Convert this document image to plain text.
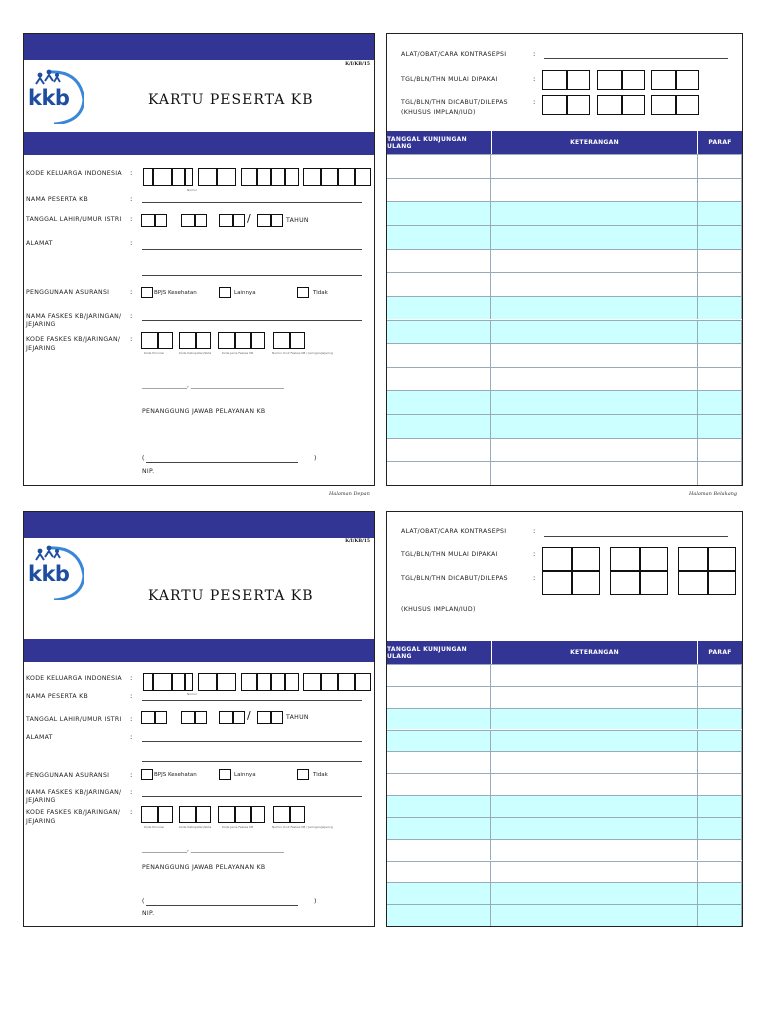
kkb
K/I/KB/15
KARTU PESERTA KB
KODE KELUARGA INDONESIA :
Nomor
NAMA PESERTA KB	:
TANGGAL LAHIR/UMUR ISTRI :	/	TAHUN
ALAMAT	:
PENGGUNAAN ASURANSI	:	BPJS Kesehatan	Lainnya	Tidak
NAMA FASKES KB/JARINGAN/
JEJARING
:
KODE FASKES KB/JARINGAN/
JEJARING
:
Kode Provinsi	Kode Kabupaten/Kota	Kode Jenis Faskes KB	Nomor Urut Faskes KB / Jaringan/Jejaring
_______________, _______________________________
PENANGGUNG JAWAB PELAYANAN KB
(	)
NIP.
Halaman Depan
ALAT/OBAT/CARA KONTRASEPSI	:
TGL/BLN/THN MULAI DIPAKAI	:
TGL/BLN/THN DICABUT/DILEPAS
(KHUSUS IMPLAN/IUD)
:
TANGGAL KUNJUNGAN ULANG	KETERANGAN	PARAF
Halaman Belakang
kkb
K/I/KB/15
KARTU PESERTA KB
KODE KELUARGA INDONESIA :
Nomor
NAMA PESERTA KB	:
TANGGAL LAHIR/UMUR ISTRI :	/	TAHUN
ALAMAT	:
PENGGUNAAN ASURANSI	:	BPJS Kesehatan	Lainnya	Tidak
NAMA FASKES KB/JARINGAN/
JEJARING
:
KODE FASKES KB/JARINGAN/
JEJARING
:
Kode Provinsi	Kode Kabupaten/Kota	Kode Jenis Faskes KB	Nomor Urut Faskes KB / Jaringan/Jejaring
_______________, _______________________________
PENANGGUNG JAWAB PELAYANAN KB
(	)
NIP.
ALAT/OBAT/CARA KONTRASEPSI	:
TGL/BLN/THN MULAI DIPAKAI	:
TGL/BLN/THN DICABUT/DILEPAS
(KHUSUS IMPLAN/IUD)
:
TANGGAL KUNJUNGAN ULANG	KETERANGAN	PARAF
